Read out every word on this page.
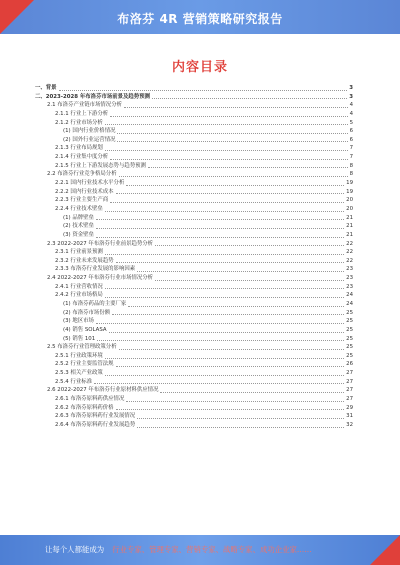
布洛芬 4R 营销策略研究报告
内容目录
一、背景	3
二、2023-2028 年布洛芬市场前景及趋势预测	3
2.1 布洛芬产业链市场情况分析	4
2.1.1 行业上下游分析	4
2.1.2 行业市场分析	5
(1) 国内行业价格情况	6
(2) 国外行业运营情况	6
2.1.3 行业布局规划	7
2.1.4 行业集中度分析	7
2.1.5 行业上下游发展态势与趋势预测	8
2.2 布洛芬行业竞争格局分析	8
2.2.1 国内行业技术水平分析	19
2.2.2 国内行业技术成本	19
2.2.3 行业主要生产商	20
2.2.4 行业技术壁垒	20
(1) 品牌壁垒	21
(2) 技术壁垒	21
(3) 资金壁垒	21
2.3 2022-2027 年布洛芬行业前景趋势分析	22
2.3.1 行业前景预测	22
2.3.2 行业未来发展趋势	22
2.3.3 布洛芬行业发展的影响因素	23
2.4 2022-2027 年布洛芬行业市场情况分析	23
2.4.1 行业营收情况	23
2.4.2 行业市场格局	24
(1) 布洛芬药品的主要厂家	24
(2) 布洛芬市场份额	25
(3) 地区市场	25
(4) 销售 SOLASA	25
(5) 销售 101	25
2.5 布洛芬行业管理政策分析	25
2.5.1 行业政策环境	25
2.5.2 行业主要监管法规	26
2.5.3 相关产业政策	27
2.5.4 行业标准	27
2.6 2022-2027 年布洛芬行业原材料供应情况	27
2.6.1 布洛芬原料药供应情况	27
2.6.2 布洛芬原料药价格	29
2.6.3 布洛芬原料药行业发展情况	31
2.6.4 布洛芬原料药行业发展趋势	32
让每个人都能成为 行业专家、管理专家、营销专家、战略专家、成功企业家……
